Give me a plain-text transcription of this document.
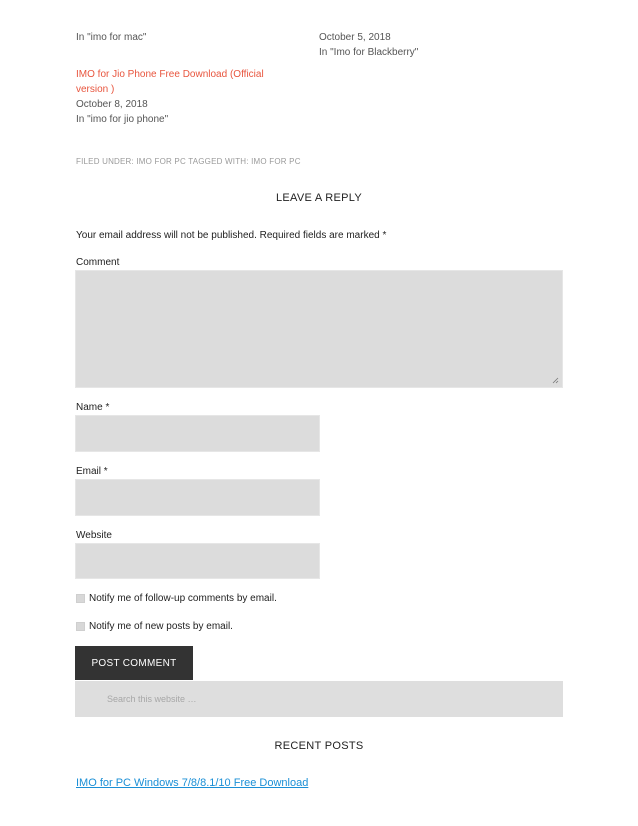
In "imo for mac"	October 5, 2018
In "Imo for Blackberry"
IMO for Jio Phone Free Download (Official
version )
October 8, 2018
In "imo for jio phone"
FILED UNDER: IMO FOR PC TAGGED WITH: IMO FOR PC
LEAVE A REPLY
Your email address will not be published. Required fields are marked *
Comment
Name *
Email *
Website
Notify me of follow-up comments by email.
Notify me of new posts by email.
POST COMMENT
Search this website …
RECENT POSTS
IMO for PC Windows 7/8/8.1/10 Free Download
